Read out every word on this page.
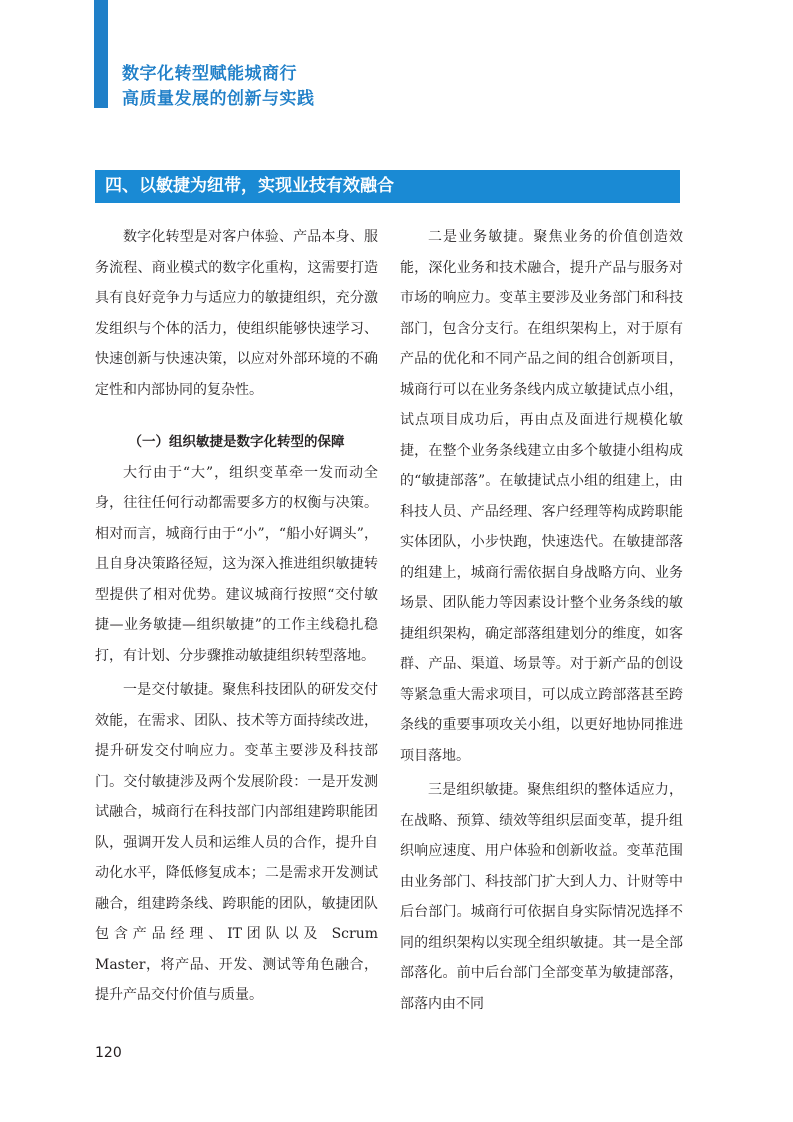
数字化转型赋能城商行
高质量发展的创新与实践
四、以敏捷为纽带，实现业技有效融合

数字化转型是对客户体验、产品本身、服务流程、商业模式的数字化重构，这需要打造具有良好竞争力与适应力的敏捷组织，充分激发组织与个体的活力，使组织能够快速学习、快速创新与快速决策，以应对外部环境的不确定性和内部协同的复杂性。

（一）组织敏捷是数字化转型的保障

大行由于“大”，组织变革牵一发而动全身，往往任何行动都需要多方的权衡与决策。相对而言，城商行由于“小”，“船小好调头”，且自身决策路径短，这为深入推进组织敏捷转型提供了相对优势。建议城商行按照“交付敏捷—业务敏捷—组织敏捷”的工作主线稳扎稳打，有计划、分步骤推动敏捷组织转型落地。

一是交付敏捷。聚焦科技团队的研发交付效能，在需求、团队、技术等方面持续改进，提升研发交付响应力。变革主要涉及科技部门。交付敏捷涉及两个发展阶段：一是开发测试融合，城商行在科技部门内部组建跨职能团队，强调开发人员和运维人员的合作，提升自动化水平，降低修复成本；二是需求开发测试融合，组建跨条线、跨职能的团队，敏捷团队包含产品经理、IT团队以及 Scrum Master，将产品、开发、测试等角色融合，提升产品交付价值与质量。

二是业务敏捷。聚焦业务的价值创造效能，深化业务和技术融合，提升产品与服务对市场的响应力。变革主要涉及业务部门和科技部门，包含分支行。在组织架构上，对于原有产品的优化和不同产品之间的组合创新项目，城商行可以在业务条线内成立敏捷试点小组，试点项目成功后，再由点及面进行规模化敏捷，在整个业务条线建立由多个敏捷小组构成的“敏捷部落”。在敏捷试点小组的组建上，由科技人员、产品经理、客户经理等构成跨职能实体团队，小步快跑，快速迭代。在敏捷部落的组建上，城商行需依据自身战略方向、业务场景、团队能力等因素设计整个业务条线的敏捷组织架构，确定部落组建划分的维度，如客群、产品、渠道、场景等。对于新产品的创设等紧急重大需求项目，可以成立跨部落甚至跨条线的重要事项攻关小组，以更好地协同推进项目落地。

三是组织敏捷。聚焦组织的整体适应力，在战略、预算、绩效等组织层面变革，提升组织响应速度、用户体验和创新收益。变革范围由业务部门、科技部门扩大到人力、计财等中后台部门。城商行可依据自身实际情况选择不同的组织架构以实现全组织敏捷。其一是全部部落化。前中后台部门全部变革为敏捷部落，部落内由不同

120
